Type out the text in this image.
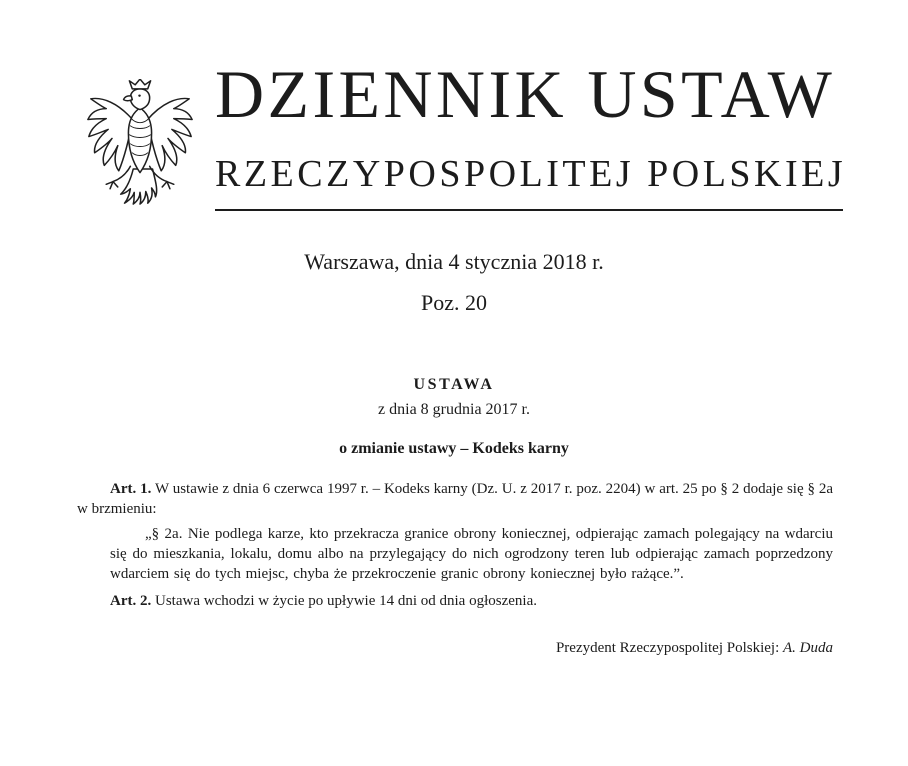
DZIENNIK USTAW
RZECZYPOSPOLITEJ POLSKIEJ
Warszawa, dnia 4 stycznia 2018 r.
Poz. 20
USTAWA
z dnia 8 grudnia 2017 r.
o zmianie ustawy – Kodeks karny

Art. 1. W ustawie z dnia 6 czerwca 1997 r. – Kodeks karny (Dz. U. z 2017 r. poz. 2204) w art. 25 po § 2 dodaje się § 2a w brzmieniu:

„§ 2a. Nie podlega karze, kto przekracza granice obrony koniecznej, odpierając zamach polegający na wdarciu się do mieszkania, lokalu, domu albo na przylegający do nich ogrodzony teren lub odpierając zamach poprzedzony wdarciem się do tych miejsc, chyba że przekroczenie granic obrony koniecznej było rażące.”.

Art. 2. Ustawa wchodzi w życie po upływie 14 dni od dnia ogłoszenia.

Prezydent Rzeczypospolitej Polskiej: A. Duda
